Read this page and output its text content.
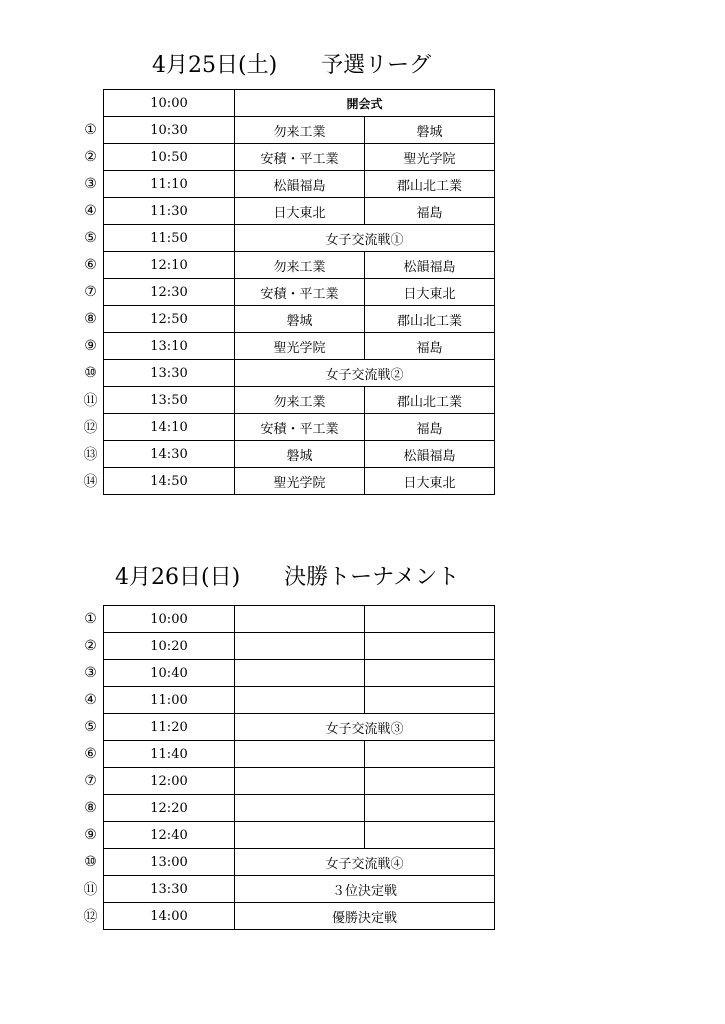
4月25日(土)　　予選リーグ
	10:00	開会式	
①	10:30	勿来工業	磐城
②	10:50	安積・平工業	聖光学院
③	11:10	松韻福島	郡山北工業
④	11:30	日大東北	福島
⑤	11:50	女子交流戦①	
⑥	12:10	勿来工業	松韻福島
⑦	12:30	安積・平工業	日大東北
⑧	12:50	磐城	郡山北工業
⑨	13:10	聖光学院	福島
⑩	13:30	女子交流戦②	
⑪	13:50	勿来工業	郡山北工業
⑫	14:10	安積・平工業	福島
⑬	14:30	磐城	松韻福島
⑭	14:50	聖光学院	日大東北
4月26日(日)　　決勝トーナメント
①	10:00		
②	10:20		
③	10:40		
④	11:00		
⑤	11:20	女子交流戦③	
⑥	11:40		
⑦	12:00		
⑧	12:20		
⑨	12:40		
⑩	13:00	女子交流戦④	
⑪	13:30	３位決定戦	
⑫	14:00	優勝決定戦	
